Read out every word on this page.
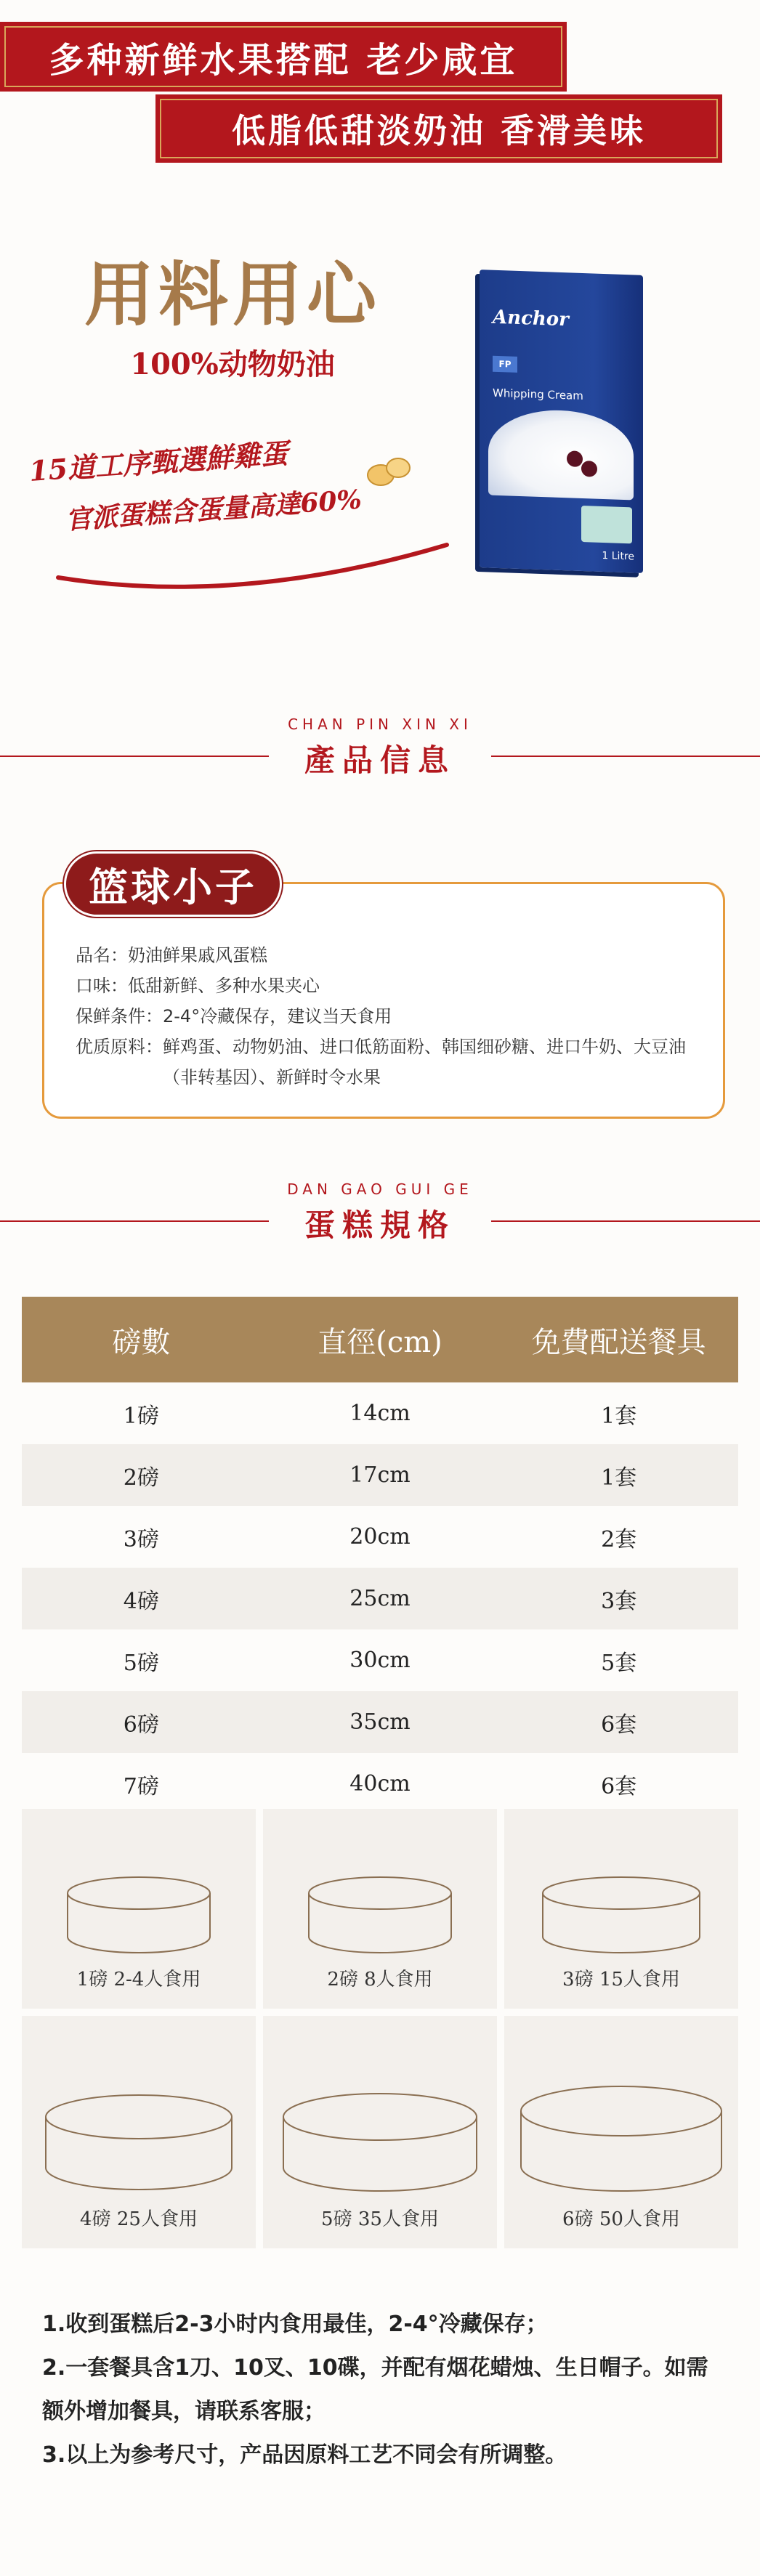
多种新鲜水果搭配 老少咸宜
低脂低甜淡奶油 香滑美味
用料用心
100%动物奶油
15道工序甄選鮮雞蛋
官派蛋糕含蛋量高達60%
Anchor
FP
Whipping Cream
1 Litre
CHAN PIN XIN XI
產品信息
篮球小子
品名： 奶油鲜果戚风蛋糕
口味： 低甜新鲜、多种水果夹心
保鲜条件： 2-4°冷藏保存，建议当天食用
优质原料： 鲜鸡蛋、动物奶油、进口低筋面粉、韩国细砂糖、进口牛奶、大豆油（非转基因）、新鲜时令水果
DAN GAO GUI GE
蛋糕規格
磅數	直徑(cm)	免費配送餐具
1磅	14cm	1套
2磅	17cm	1套
3磅	20cm	2套
4磅	25cm	3套
5磅	30cm	5套
6磅	35cm	6套
7磅	40cm	6套
1磅 2-4人食用	2磅 8人食用	3磅 15人食用
4磅 25人食用	5磅 35人食用	6磅 50人食用
1.收到蛋糕后2-3小时内食用最佳，2-4°冷藏保存；
2.一套餐具含1刀、10叉、10碟，并配有烟花蜡烛、生日帽子。如需额外增加餐具，请联系客服；
3.以上为参考尺寸，产品因原料工艺不同会有所调整。
